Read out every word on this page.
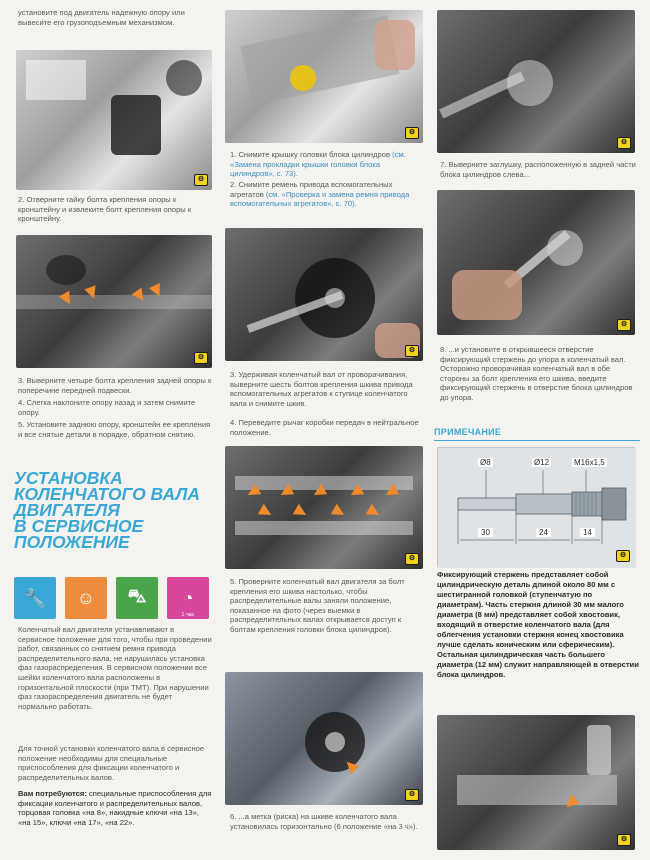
установите под двигатель надежную опору или вывесите его грузоподъемным механизмом.
⚙
2. Отверните гайку болта крепления опоры к кронштейну и извлеките болт крепления опоры к кронштейну.
⚙
3. Выверните четыре болта крепления задней опоры к поперечине передней подвески.
4. Слегка наклоните опору назад и затем снимите опору.
5. Установите заднюю опору, кронштейн ее крепления и все снятые детали в порядке, обратном снятию.
УСТАНОВКА
КОЛЕНЧАТОГО ВАЛА
ДВИГАТЕЛЯ
В СЕРВИСНОЕ
ПОЛОЖЕНИЕ
🔧	☺	⛍	◔
1 час
Коленчатый вал двигателя устанавливают в сервисное положение для того, чтобы при проведении работ, связанных со снятием ремня привода распределительного вала, не нарушилась установка фаз газораспределения. В сервисном положении все шейки коленчатого вала расположены в горизонтальной плоскости (при ТМТ). При нарушении фаз газораспределения двигатель не будет нормально работать.
Для точной установки коленчатого вала в сервисное положение необходимы для специальные приспособления для фиксации коленчатого и распределительных валов.
Вам потребуются: специальные приспособления для фиксации коленчатого и распределительных валов, торцовая головка «на 8», накидные ключи «на 13», «на 15», ключи «на 17», «на 22».
⚙
1. Снимите крышку головки блока цилиндров (см. «Замена прокладки крышки головки блока цилиндров», с. 73).
2. Снимите ремень привода вспомогательных агрегатов (см. «Проверка и замена ремня привода вспомогательных агрегатов», с. 70).
⚙
3. Удерживая коленчатый вал от проворачивания, выверните шесть болтов крепления шкива привода вспомогательных агрегатов к ступице коленчатого вала и снимите шкив.
4. Переведите рычаг коробки передач в нейтральное положение.
⚙
5. Проверните коленчатый вал двигателя за болт крепления его шкива настолько, чтобы распределительные валы заняли положение, показанное на фото (через выемки в распределительных валах открывается доступ к болтам крепления головки блока цилиндров).
⚙
6. ...а метка (риска) на шкиве коленчатого вала установилась горизонтально (6 положение «на 3 ч»).
⚙
7. Выверните заглушку, расположенную в задней части блока цилиндров слева...
⚙
8. ...и установите в открывшееся отверстие фиксирующий стержень до упора в коленчатый вал. Осторожно проворачивая коленчатый вал в обе стороны за болт крепления его шкива, введите фиксирующий стержень в отверстие блока цилиндров до упора.
ПРИМЕЧАНИЕ
Ø8	Ø12	M16x1,5
30	24	14
⚙
Фиксирующий стержень представляет собой цилиндрическую деталь длиной около 80 мм с шестигранной головкой (ступенчатую по диаметрам). Часть стержня длиной 30 мм малого диаметра (8 мм) представляет собой хвостовик, входящий в отверстие коленчатого вала (для облегчения установки стержня конец хвостовика лучше сделать коническим или сферическим). Остальная цилиндрическая часть большего диаметра (12 мм) служит направляющей в отверстии блока цилиндров.
⚙
